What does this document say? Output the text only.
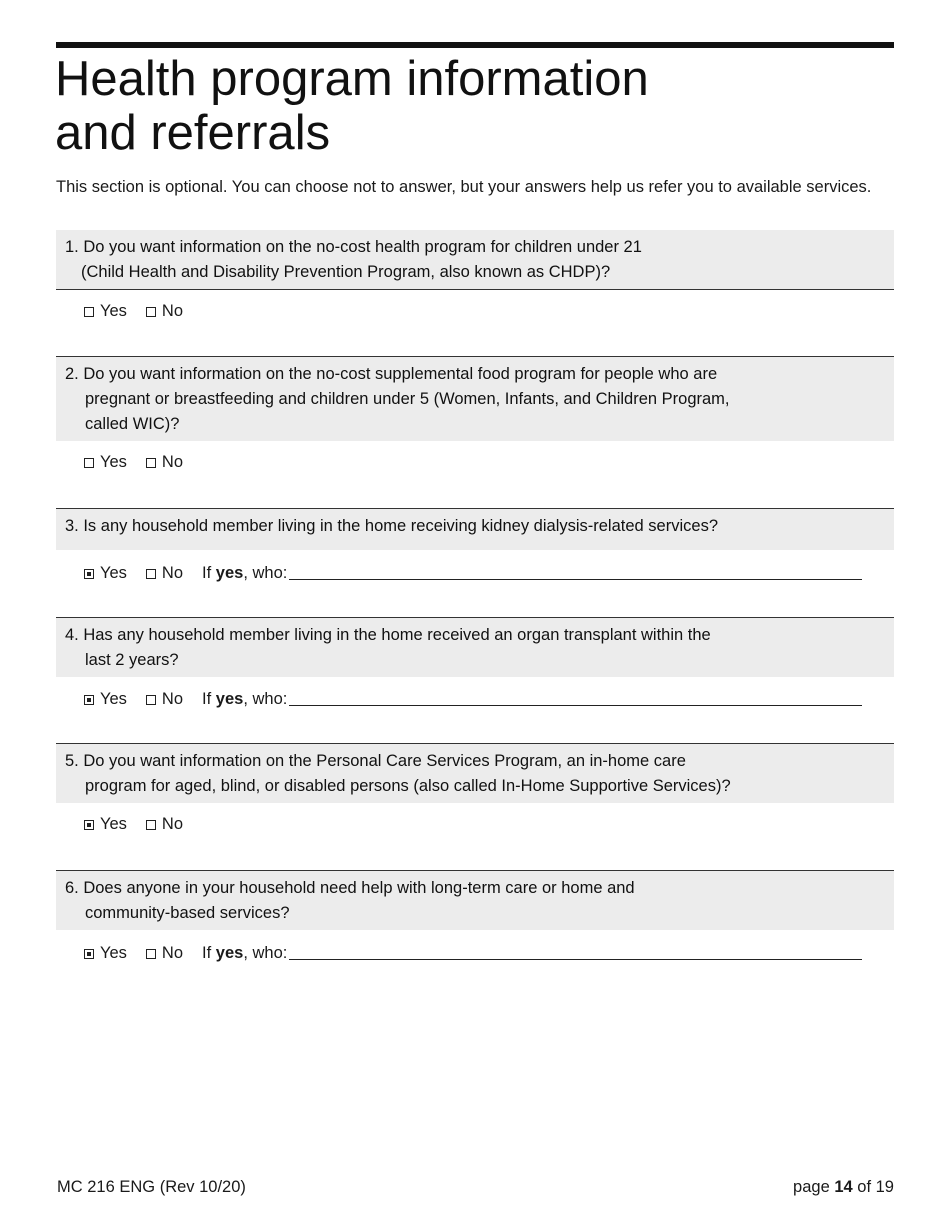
Health program information
and referrals

This section is optional. You can choose not to answer, but your answers help us refer you to available services.

1. Do you want information on the no-cost health program for children under 21
(Child Health and Disability Prevention Program, also known as CHDP)?
Yes No
2. Do you want information on the no-cost supplemental food program for people who are
pregnant or breastfeeding and children under 5 (Women, Infants, and Children Program,
called WIC)?
Yes No
3. Is any household member living in the home receiving kidney dialysis-related services?
Yes No If yes, who:
4. Has any household member living in the home received an organ transplant within the
last 2 years?
Yes No If yes, who:
5. Do you want information on the Personal Care Services Program, an in-home care
program for aged, blind, or disabled persons (also called In-Home Supportive Services)?
Yes No
6. Does anyone in your household need help with long-term care or home and
community-based services?
Yes No If yes, who:
MC 216 ENG (Rev 10/20)	page 14 of 19
